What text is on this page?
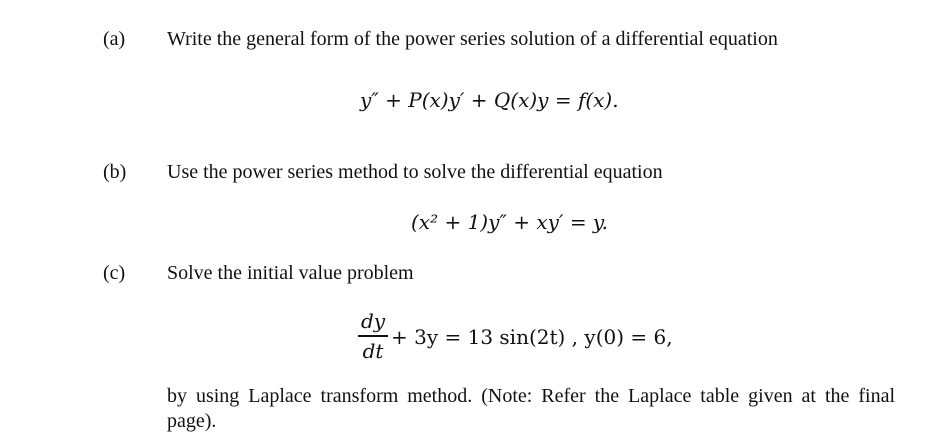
(a) Write the general form of the power series solution of a differential equation
y″ + P(x)y′ + Q(x)y = f(x).
(b) Use the power series method to solve the differential equation
(x² + 1)y″ + xy′ = y.
(c) Solve the initial value problem
dy
dt
+ 3y = 13 sin(2t) , y(0) = 6,
by using Laplace transform method. (Note: Refer the Laplace table given at the final page).
